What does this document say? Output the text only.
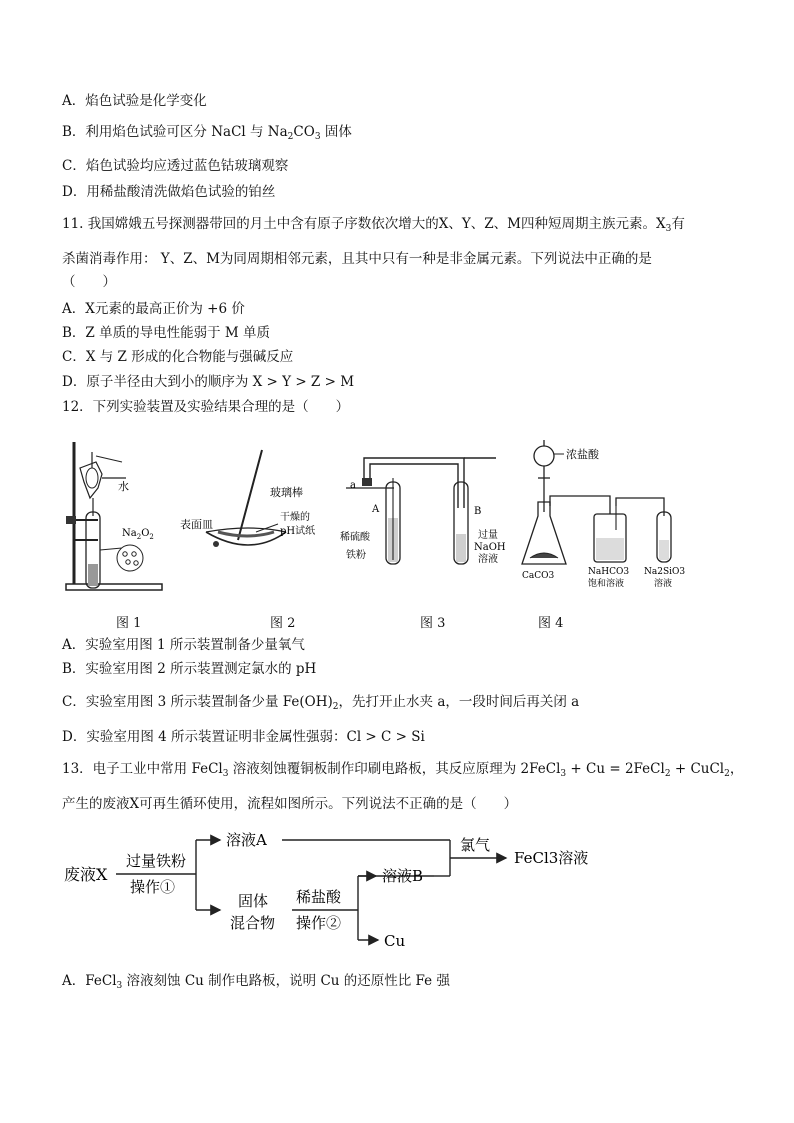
A．焰色试验是化学变化
B．利用焰色试验可区分 NaCl 与 $Na_2CO_3$ 固体
C．焰色试验均应透过蓝色钴玻璃观察
D．用稀盐酸清洗做焰色试验的铂丝
11. 我国嫦娥五号探测器带回的月土中含有原子序数依次增大的X、Y、Z、M四种短周期主族元素。$X_3$有
杀菌消毒作用： Y、Z、M为同周期相邻元素，且其中只有一种是非金属元素。下列说法中正确的是
（　　）
A．X元素的最高正价为 +6 价
B．Z 单质的导电性能弱于 M 单质
C．X 与 Z 形成的化合物能与强碱反应
D．原子半径由大到小的顺序为 X > Y > Z > M
12．下列实验装置及实验结果合理的是（　　）
水
$Na_2O_2$
玻璃棒
表面皿
干燥的
pH试纸
a
A	B
稀硫酸
铁粉
过量
NaOH
溶液
浓盐酸
CaCO3	NaHCO3
饱和溶液
Na2SiO3
溶液
图 1	图 2	图 3	图 4
A．实验室用图 1 所示装置制备少量氧气
B．实验室用图 2 所示装置测定氯水的 pH
C．实验室用图 3 所示装置制备少量 $Fe(OH)_2$，先打开止水夹 a，一段时间后再关闭 a
D．实验室用图 4 所示装置证明非金属性强弱：Cl > C > Si
13．电子工业中常用 FeCl$_3$ 溶液刻蚀覆铜板制作印刷电路板，其反应原理为 2FeCl$_3$ + Cu = 2FeCl$_2$ + CuCl$_2$，
产生的废液X可再生循环使用，流程如图所示。下列说法不正确的是（　　）
废液X
过量铁粉
操作①
溶液A	氯气
FeCl3溶液
固体
混合物
稀盐酸
操作②
溶液B
Cu
A．FeCl$_3$ 溶液刻蚀 Cu 制作电路板，说明 Cu 的还原性比 Fe 强
